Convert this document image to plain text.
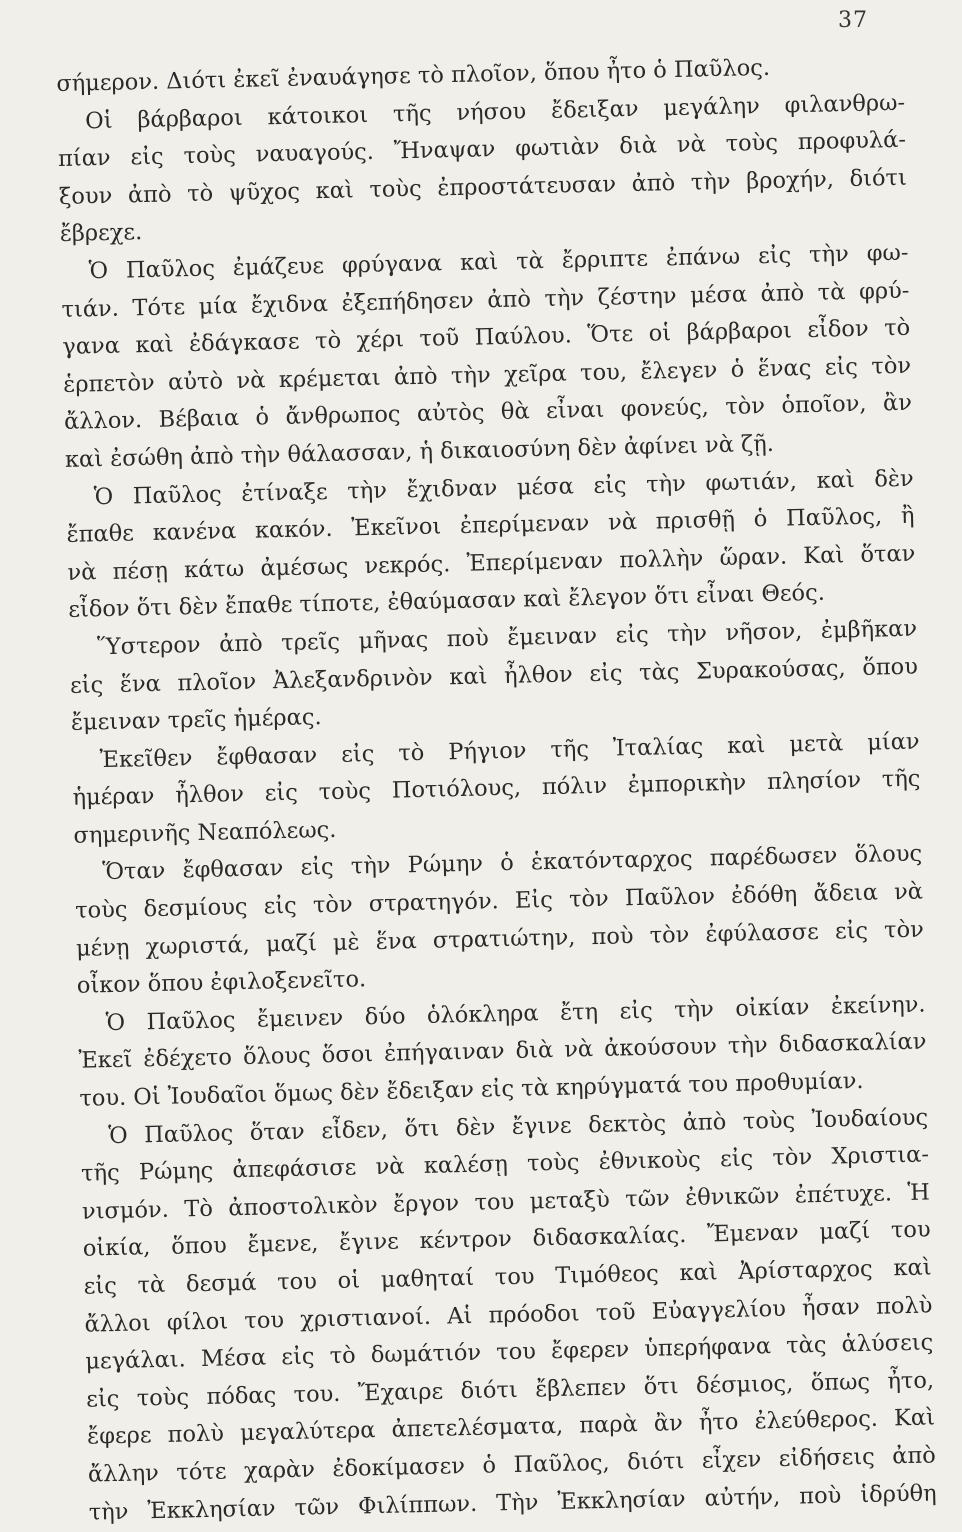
37
σήμερον. Διότι ἐκεῖ ἐναυάγησε τὸ πλοῖον, ὅπου ἦτο ὁ Παῦλος.
Οἱ βάρβαροι κάτοικοι τῆς νήσου ἔδειξαν μεγάλην φιλανθρω-
πίαν εἰς τοὺς ναυαγούς. Ἤναψαν φωτιὰν διὰ νὰ τοὺς προφυλά-
ξουν ἀπὸ τὸ ψῦχος καὶ τοὺς ἐπροστάτευσαν ἀπὸ τὴν βροχήν, διότι
ἔβρεχε.
Ὁ Παῦλος ἐμάζευε φρύγανα καὶ τὰ ἔρριπτε ἐπάνω εἰς τὴν φω-
τιάν. Τότε μία ἔχιδνα ἐξεπήδησεν ἀπὸ τὴν ζέστην μέσα ἀπὸ τὰ φρύ-
γανα καὶ ἐδάγκασε τὸ χέρι τοῦ Παύλου. Ὅτε οἱ βάρβαροι εἶδον τὸ
ἑρπετὸν αὐτὸ νὰ κρέμεται ἀπὸ τὴν χεῖρα του, ἔλεγεν ὁ ἕνας εἰς τὸν
ἄλλον. Βέβαια ὁ ἄνθρωπος αὐτὸς θὰ εἶναι φονεύς, τὸν ὁποῖον, ἂν
καὶ ἐσώθη ἀπὸ τὴν θάλασσαν, ἡ δικαιοσύνη δὲν ἀφίνει νὰ ζῇ.
Ὁ Παῦλος ἐτίναξε τὴν ἔχιδναν μέσα εἰς τὴν φωτιάν, καὶ δὲν
ἔπαθε κανένα κακόν. Ἐκεῖνοι ἐπερίμεναν νὰ πρισθῇ ὁ Παῦλος, ἢ
νὰ πέσῃ κάτω ἀμέσως νεκρός. Ἐπερίμεναν πολλὴν ὥραν. Καὶ ὅταν
εἶδον ὅτι δὲν ἔπαθε τίποτε, ἐθαύμασαν καὶ ἔλεγον ὅτι εἶναι Θεός.
Ὕστερον ἀπὸ τρεῖς μῆνας ποὺ ἔμειναν εἰς τὴν νῆσον, ἐμβῆκαν
εἰς ἕνα πλοῖον Ἀλεξανδρινὸν καὶ ἦλθον εἰς τὰς Συρακούσας, ὅπου
ἔμειναν τρεῖς ἡμέρας.
Ἐκεῖθεν ἔφθασαν εἰς τὸ Ρήγιον τῆς Ἰταλίας καὶ μετὰ μίαν
ἡμέραν ἦλθον εἰς τοὺς Ποτιόλους, πόλιν ἐμπορικὴν πλησίον τῆς
σημερινῆς Νεαπόλεως.
Ὅταν ἔφθασαν εἰς τὴν Ρώμην ὁ ἑκατόνταρχος παρέδωσεν ὅλους
τοὺς δεσμίους εἰς τὸν στρατηγόν. Εἰς τὸν Παῦλον ἐδόθη ἄδεια νὰ
μένῃ χωριστά, μαζί μὲ ἕνα στρατιώτην, ποὺ τὸν ἐφύλασσε εἰς τὸν
οἶκον ὅπου ἐφιλοξενεῖτο.
Ὁ Παῦλος ἔμεινεν δύο ὁλόκληρα ἔτη εἰς τὴν οἰκίαν ἐκείνην.
Ἐκεῖ ἐδέχετο ὅλους ὅσοι ἐπήγαιναν διὰ νὰ ἀκούσουν τὴν διδασκαλίαν
του. Οἱ Ἰουδαῖοι ὅμως δὲν ἔδειξαν εἰς τὰ κηρύγματά του προθυμίαν.
Ὁ Παῦλος ὅταν εἶδεν, ὅτι δὲν ἔγινε δεκτὸς ἀπὸ τοὺς Ἰουδαίους
τῆς Ρώμης ἀπεφάσισε νὰ καλέσῃ τοὺς ἐθνικοὺς εἰς τὸν Χριστια-
νισμόν. Τὸ ἀποστολικὸν ἔργον του μεταξὺ τῶν ἐθνικῶν ἐπέτυχε. Ἡ
οἰκία, ὅπου ἔμενε, ἔγινε κέντρον διδασκαλίας. Ἔμεναν μαζί του
εἰς τὰ δεσμά του οἱ μαθηταί του Τιμόθεος καὶ Ἀρίσταρχος καὶ
ἄλλοι φίλοι του χριστιανοί. Αἱ πρόοδοι τοῦ Εὐαγγελίου ἦσαν πολὺ
μεγάλαι. Μέσα εἰς τὸ δωμάτιόν του ἔφερεν ὑπερήφανα τὰς ἁλύσεις
εἰς τοὺς πόδας του. Ἔχαιρε διότι ἔβλεπεν ὅτι δέσμιος, ὅπως ἦτο,
ἔφερε πολὺ μεγαλύτερα ἀπετελέσματα, παρὰ ἂν ἦτο ἐλεύθερος. Καὶ
ἄλλην τότε χαρὰν ἐδοκίμασεν ὁ Παῦλος, διότι εἶχεν εἰδήσεις ἀπὸ
τὴν Ἐκκλησίαν τῶν Φιλίππων. Τὴν Ἐκκλησίαν αὐτήν, ποὺ ἱδρύθη
